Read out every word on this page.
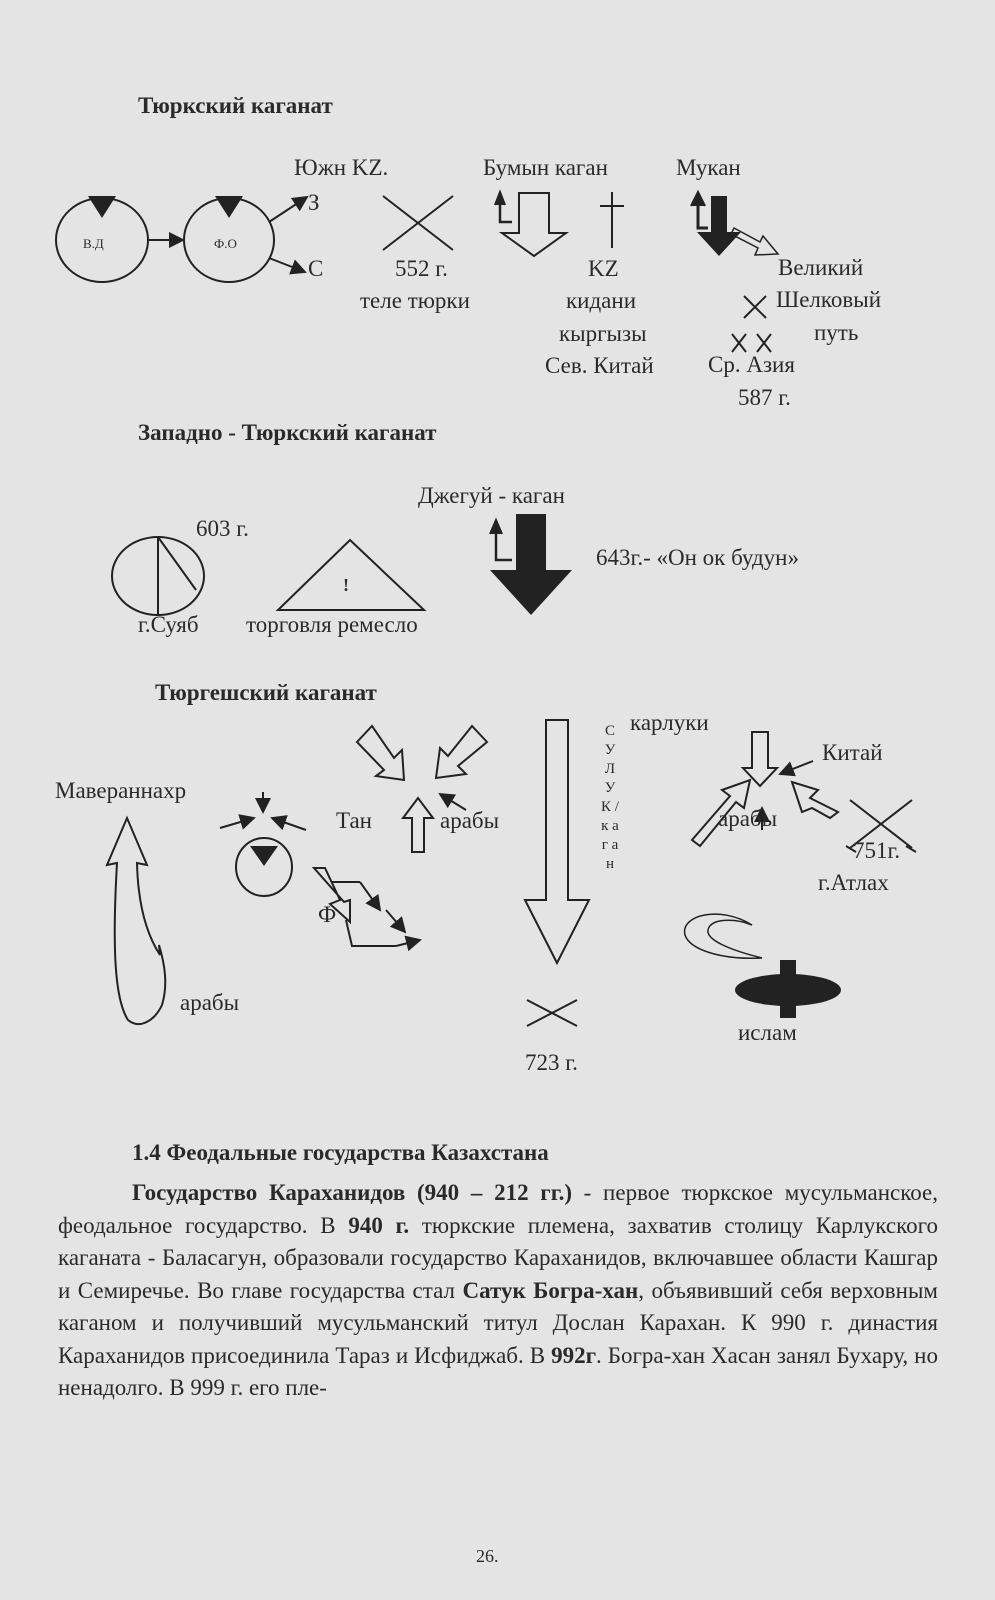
Тюркский каганат
Южн KZ.
З
С
В.Д	Ф.О
Бумын каган	Мукан
552 г.
теле тюрки
KZ
кидани
кыргызы
Сев. Китай
Великий
Шелковый
путь
Ср. Азия
587 г.
Западно - Тюркский каганат
603 г.
Джегуй - каган
643г.- «Он ок будун»
!
г.Суяб торговля ремесло
Тюргешский каганат
Мавераннахр
Тан	арабы
Ф
арабы
С У Л У К / к а г а н
723 г.
карлуки
Китай
арабы
751г.
г.Атлах
ислам
1.4 Феодальные государства Казахстана

Государство Караханидов (940 – 212 гг.) - первое тюркское мусульманское, феодальное государство. В 940 г. тюркские племена, захватив столицу Карлукского каганата - Баласагун, образовали государство Караханидов, включавшее области Кашгар и Семиречье. Во главе государства стал Сатук Богра-хан, объявивший себя верховным каганом и получивший мусульманский титул Дослан Карахан. К 990 г. династия Караханидов присоединила Тараз и Исфиджаб. В 992г. Богра-хан Хасан занял Бухару, но ненадолго. В 999 г. его пле-

26.
